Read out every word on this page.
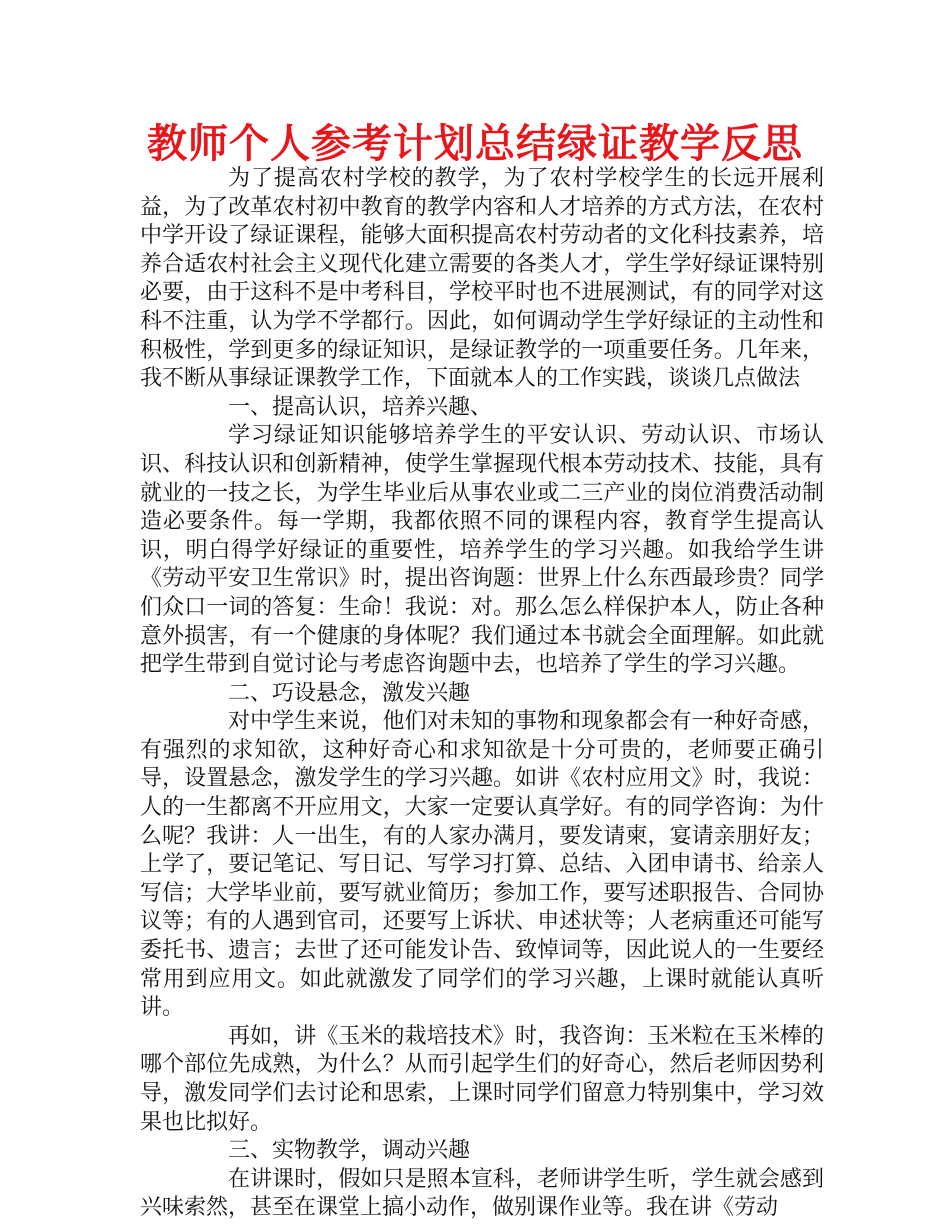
教师个人参考计划总结绿证教学反思

为了提高农村学校的教学，为了农村学校学生的长远开展利益，为了改革农村初中教育的教学内容和人才培养的方式方法，在农村中学开设了绿证课程，能够大面积提高农村劳动者的文化科技素养，培养合适农村社会主义现代化建立需要的各类人才，学生学好绿证课特别必要，由于这科不是中考科目，学校平时也不进展测试，有的同学对这科不注重，认为学不学都行。因此，如何调动学生学好绿证的主动性和积极性，学到更多的绿证知识，是绿证教学的一项重要任务。几年来，我不断从事绿证课教学工作，下面就本人的工作实践，谈谈几点做法

一、提高认识，培养兴趣、

学习绿证知识能够培养学生的平安认识、劳动认识、市场认识、科技认识和创新精神，使学生掌握现代根本劳动技术、技能，具有就业的一技之长，为学生毕业后从事农业或二三产业的岗位消费活动制造必要条件。每一学期，我都依照不同的课程内容，教育学生提高认识，明白得学好绿证的重要性，培养学生的学习兴趣。如我给学生讲《劳动平安卫生常识》时，提出咨询题：世界上什么东西最珍贵？同学们众口一词的答复：生命！我说：对。那么怎么样保护本人，防止各种意外损害，有一个健康的身体呢？我们通过本书就会全面理解。如此就把学生带到自觉讨论与考虑咨询题中去，也培养了学生的学习兴趣。

二、巧设悬念，激发兴趣

对中学生来说，他们对未知的事物和现象都会有一种好奇感，有强烈的求知欲，这种好奇心和求知欲是十分可贵的，老师要正确引导，设置悬念，激发学生的学习兴趣。如讲《农村应用文》时，我说：人的一生都离不开应用文，大家一定要认真学好。有的同学咨询：为什么呢？我讲：人一出生，有的人家办满月，要发请柬，宴请亲朋好友；上学了，要记笔记、写日记、写学习打算、总结、入团申请书、给亲人写信；大学毕业前，要写就业简历；参加工作，要写述职报告、合同协议等；有的人遇到官司，还要写上诉状、申述状等；人老病重还可能写委托书、遗言；去世了还可能发讣告、致悼词等，因此说人的一生要经常用到应用文。如此就激发了同学们的学习兴趣，上课时就能认真听讲。

再如，讲《玉米的栽培技术》时，我咨询：玉米粒在玉米棒的哪个部位先成熟，为什么？从而引起学生们的好奇心，然后老师因势利导，激发同学们去讨论和思索，上课时同学们留意力特别集中，学习效果也比拟好。

三、实物教学，调动兴趣

在讲课时，假如只是照本宣科，老师讲学生听，学生就会感到兴味索然，甚至在课堂上搞小动作，做别课作业等。我在讲《劳动
